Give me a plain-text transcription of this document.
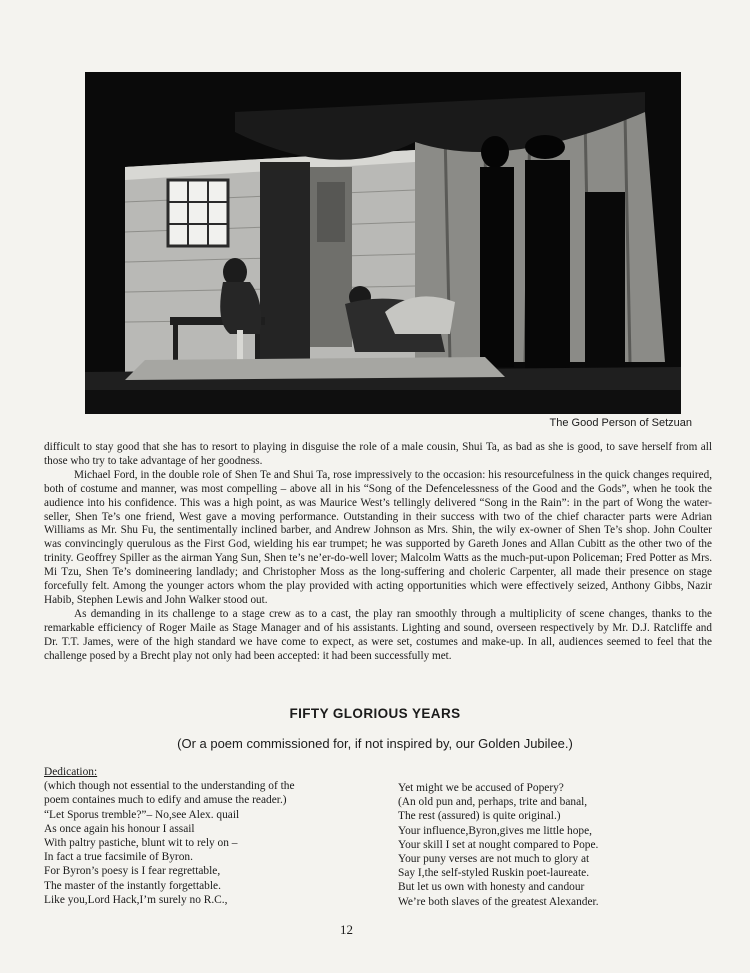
The Good Person of Setzuan

difficult to stay good that she has to resort to playing in disguise the role of a male cousin, Shui Ta, as bad as she is good, to save herself from all those who try to take advantage of her goodness.

Michael Ford, in the double role of Shen Te and Shui Ta, rose impressively to the occasion: his resourcefulness in the quick changes required, both of costume and manner, was most compelling – above all in his “Song of the Defencelessness of the Good and the Gods”, when he took the audience into his confidence. This was a high point, as was Maurice West’s tellingly delivered “Song in the Rain”: in the part of Wong the water-seller, Shen Te’s one friend, West gave a moving performance. Outstanding in their success with two of the chief character parts were Adrian Williams as Mr. Shu Fu, the sentimentally inclined barber, and Andrew Johnson as Mrs. Shin, the wily ex-owner of Shen Te’s shop. John Coulter was convincingly querulous as the First God, wielding his ear trumpet; he was supported by Gareth Jones and Allan Cubitt as the other two of the trinity. Geoffrey Spiller as the airman Yang Sun, Shen te’s ne’er-do-well lover; Malcolm Watts as the much-put-upon Policeman; Fred Potter as Mrs. Mi Tzu, Shen Te’s domineering landlady; and Christopher Moss as the long-suffering and choleric Carpenter, all made their presence on stage forcefully felt. Among the younger actors whom the play provided with acting opportunities which were effectively seized, Anthony Gibbs, Nazir Habib, Stephen Lewis and John Walker stood out.

As demanding in its challenge to a stage crew as to a cast, the play ran smoothly through a multiplicity of scene changes, thanks to the remarkable efficiency of Roger Maile as Stage Manager and of his assistants. Lighting and sound, overseen respectively by Mr. D.J. Ratcliffe and Dr. T.T. James, were of the high standard we have come to expect, as were set, costumes and make-up. In all, audiences seemed to feel that the challenge posed by a Brecht play not only had been accepted: it had been successfully met.

FIFTY GLORIOUS YEARS
(Or a poem commissioned for, if not inspired by, our Golden Jubilee.)
Dedication:
(which though not essential to the understanding of the
poem containes much to edify and amuse the reader.)
“Let Sporus tremble?”– No,see Alex. quail
As once again his honour I assail
With paltry pastiche, blunt wit to rely on –
In fact a true facsimile of Byron.
For Byron’s poesy is I fear regrettable,
The master of the instantly forgettable.
Like you,Lord Hack,I’m surely no R.C.,
Yet might we be accused of Popery?
(An old pun and, perhaps, trite and banal,
The rest (assured) is quite original.)
Your influence,Byron,gives me little hope,
Your skill I set at nought compared to Pope.
Your puny verses are not much to glory at
Say I,the self-styled Ruskin poet-laureate.
But let us own with honesty and candour
We’re both slaves of the greatest Alexander.
12
